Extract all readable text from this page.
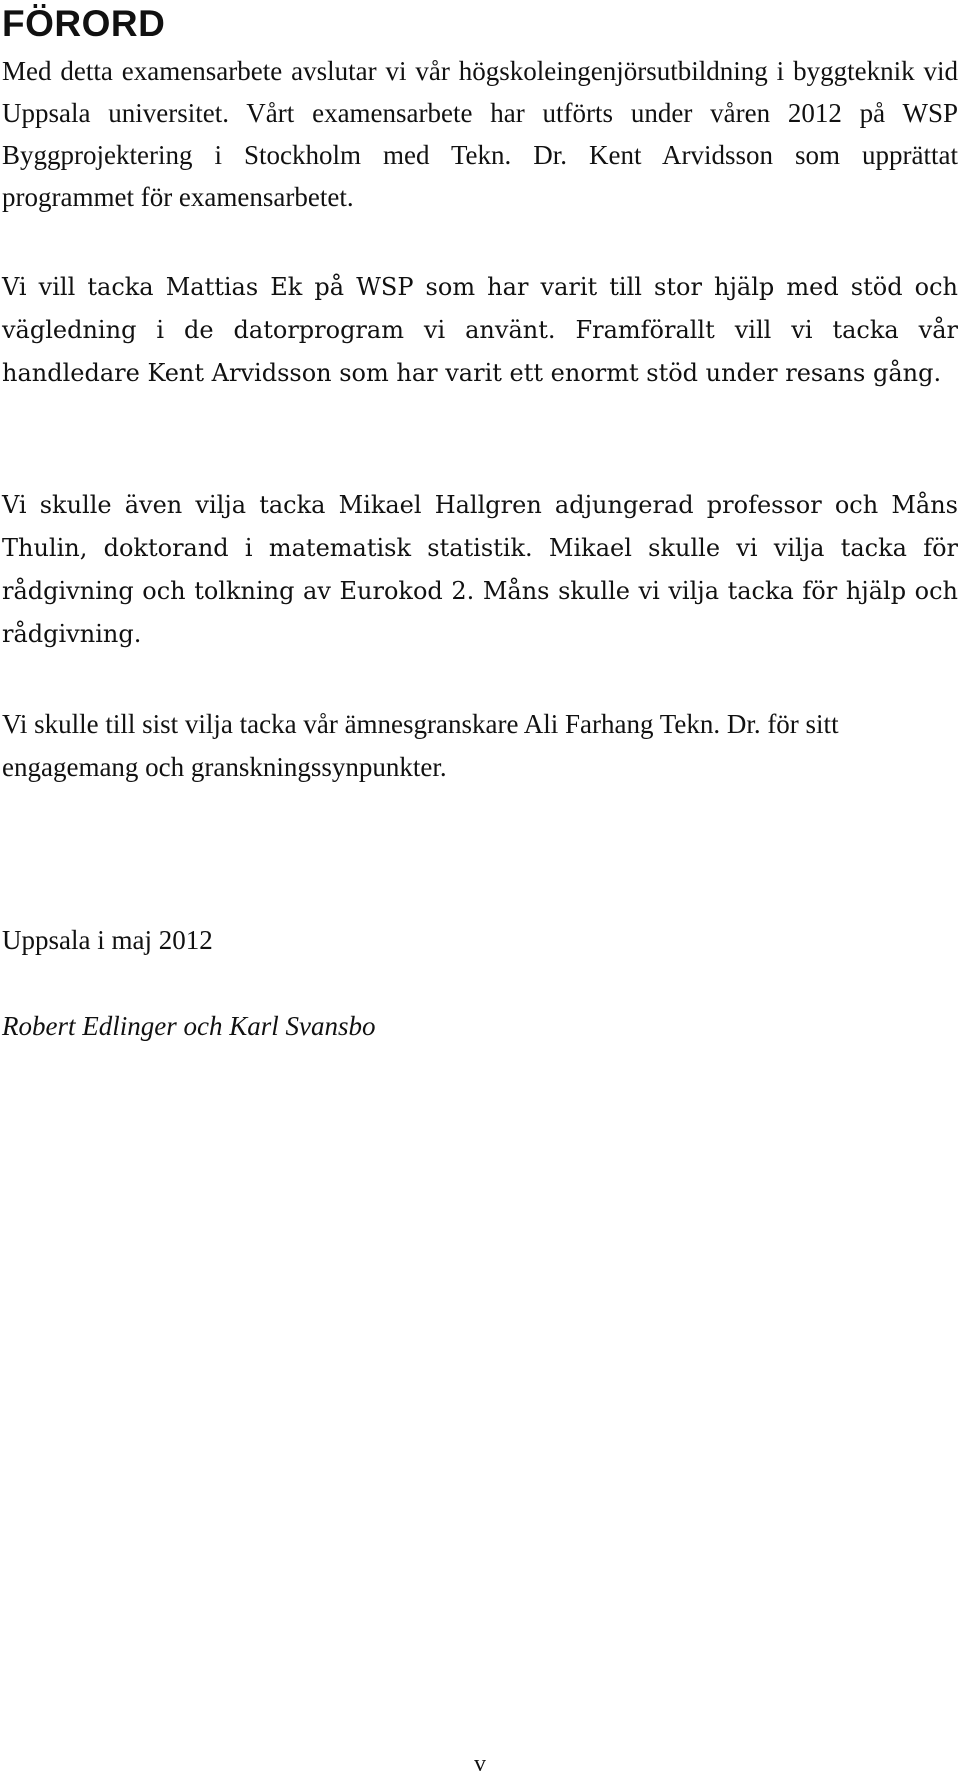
FÖRORD

Med detta examensarbete avslutar vi vår högskoleingenjörsutbildning i byggteknik vid Uppsala universitet. Vårt examensarbete har utförts under våren 2012 på WSP Byggprojektering i Stockholm med Tekn. Dr. Kent Arvidsson som upprättat programmet för examensarbetet.

Vi vill tacka Mattias Ek på WSP som har varit till stor hjälp med stöd och vägledning i de datorprogram vi använt. Framförallt vill vi tacka vår handledare Kent Arvidsson som har varit ett enormt stöd under resans gång.

Vi skulle även vilja tacka Mikael Hallgren adjungerad professor och Måns Thulin, doktorand i matematisk statistik. Mikael skulle vi vilja tacka för rådgivning och tolkning av Eurokod 2. Måns skulle vi vilja tacka för hjälp och rådgivning.

Vi skulle till sist vilja tacka vår ämnesgranskare Ali Farhang Tekn. Dr. för sitt engagemang och granskningssynpunkter.

Uppsala i maj 2012

Robert Edlinger och Karl Svansbo

v
